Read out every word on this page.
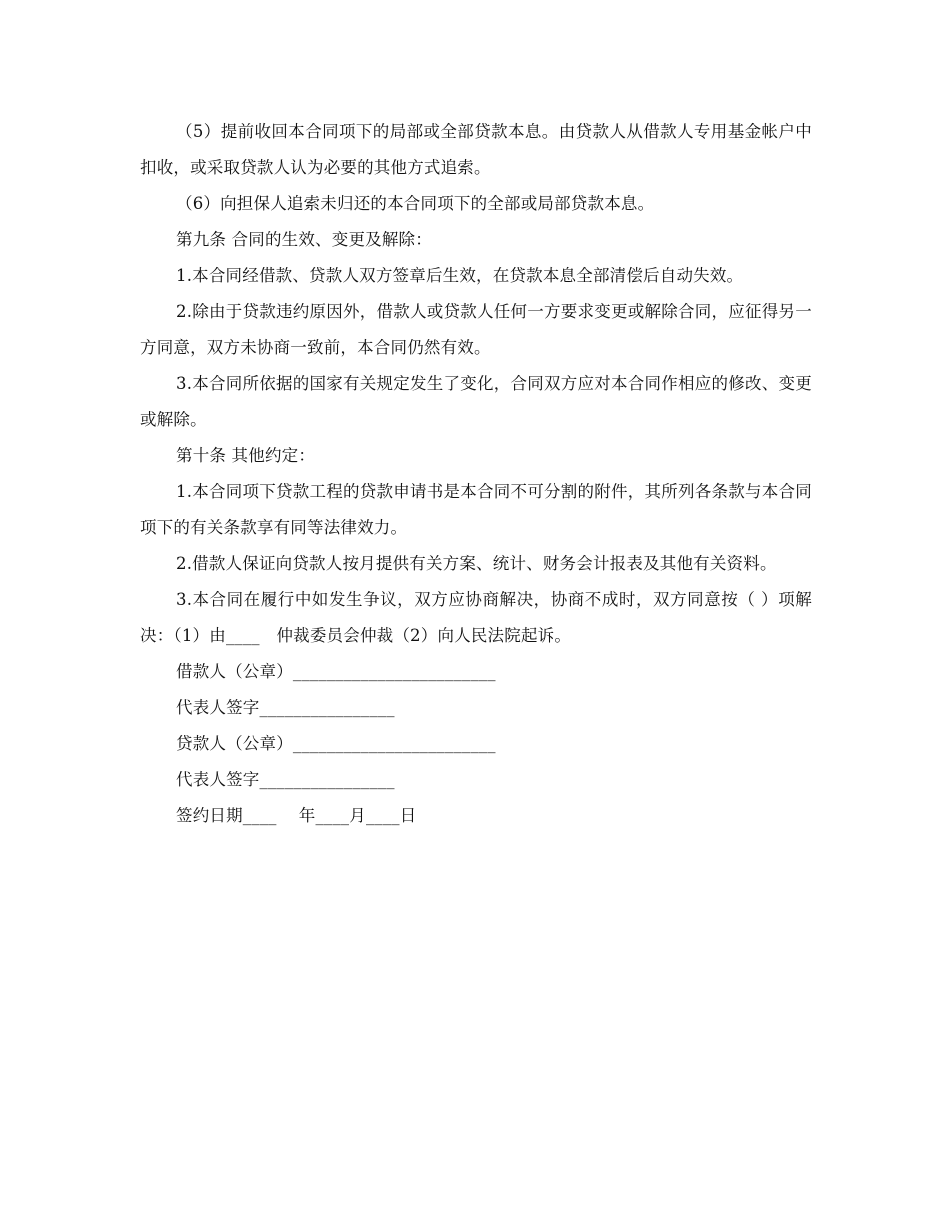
（5）提前收回本合同项下的局部或全部贷款本息。由贷款人从借款人专用基金帐户中扣收，或采取贷款人认为必要的其他方式追索。

（6）向担保人追索未归还的本合同项下的全部或局部贷款本息。

第九条 合同的生效、变更及解除：

1.本合同经借款、贷款人双方签章后生效，在贷款本息全部清偿后自动失效。

2.除由于贷款违约原因外，借款人或贷款人任何一方要求变更或解除合同，应征得另一方同意，双方未协商一致前，本合同仍然有效。

3.本合同所依据的国家有关规定发生了变化，合同双方应对本合同作相应的修改、变更或解除。

第十条 其他约定：

1.本合同项下贷款工程的贷款申请书是本合同不可分割的附件，其所列各条款与本合同项下的有关条款享有同等法律效力。

2.借款人保证向贷款人按月提供有关方案、统计、财务会计报表及其他有关资料。

3.本合同在履行中如发生争议，双方应协商解决，协商不成时，双方同意按（ ）项解决：（1）由____　仲裁委员会仲裁（2）向人民法院起诉。

借款人（公章）________________________

代表人签字________________

贷款人（公章）________________________

代表人签字________________

签约日期____　 年____月____日
